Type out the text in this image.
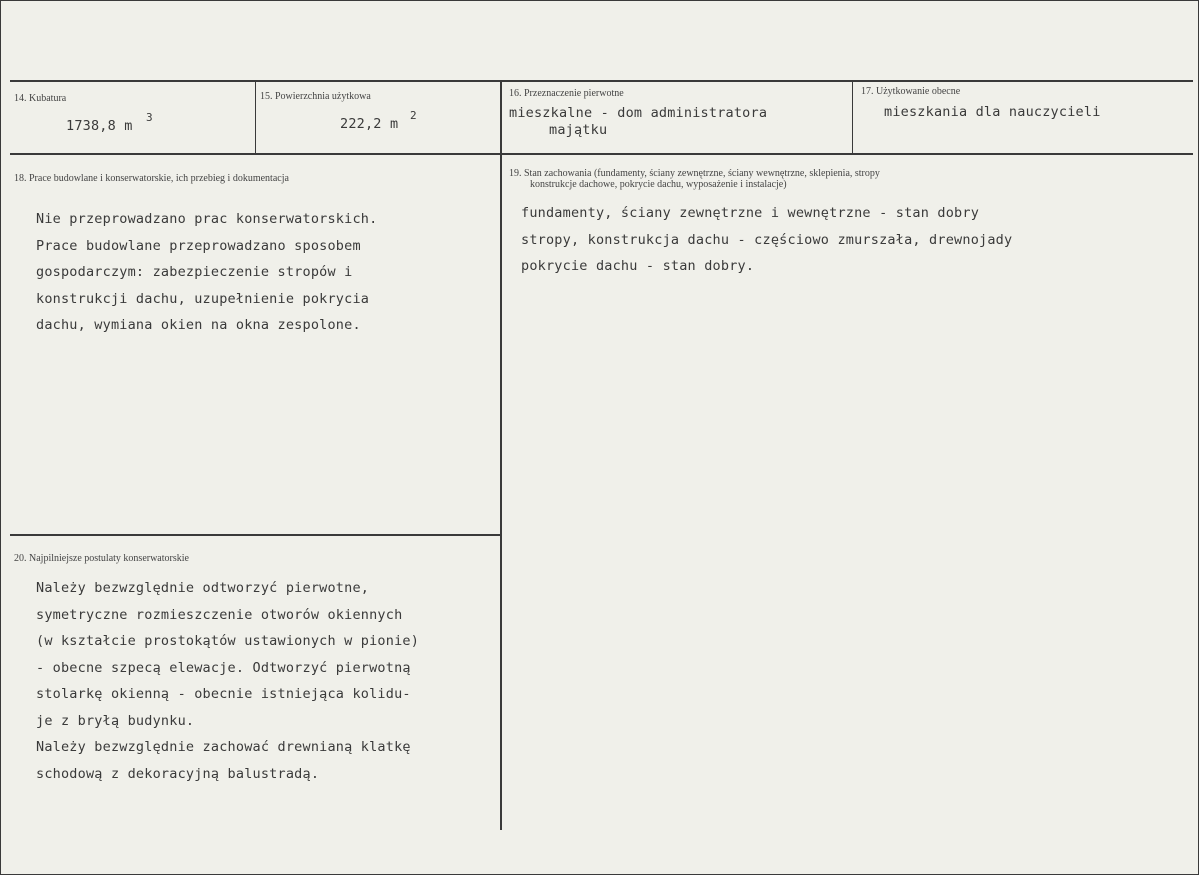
14. Kubatura
1738,8 m
3
15. Powierzchnia użytkowa
222,2 m
2
16. Przeznaczenie pierwotne
mieszkalne - dom administratora
majątku
17. Użytkowanie obecne
mieszkania dla nauczycieli
18. Prace budowlane i konserwatorskie, ich przebieg i dokumentacja
Nie przeprowadzano prac konserwatorskich.
Prace budowlane przeprowadzano sposobem
gospodarczym: zabezpieczenie stropów i
konstrukcji dachu, uzupełnienie pokrycia
dachu, wymiana okien na okna zespolone.
19. Stan zachowania (fundamenty, ściany zewnętrzne, ściany wewnętrzne, sklepienia, stropy
konstrukcje dachowe, pokrycie dachu, wyposażenie i instalacje)
fundamenty, ściany zewnętrzne i wewnętrzne - stan dobry
stropy, konstrukcja dachu - częściowo zmurszała, drewnojady
pokrycie dachu - stan dobry.
20. Najpilniejsze postulaty konserwatorskie
Należy bezwzględnie odtworzyć pierwotne,
symetryczne rozmieszczenie otworów okiennych
(w kształcie prostokątów ustawionych w pionie)
- obecne szpecą elewacje. Odtworzyć pierwotną
stolarkę okienną - obecnie istniejąca kolidu-
je z bryłą budynku.
Należy bezwzględnie zachować drewnianą klatkę
schodową z dekoracyjną balustradą.
